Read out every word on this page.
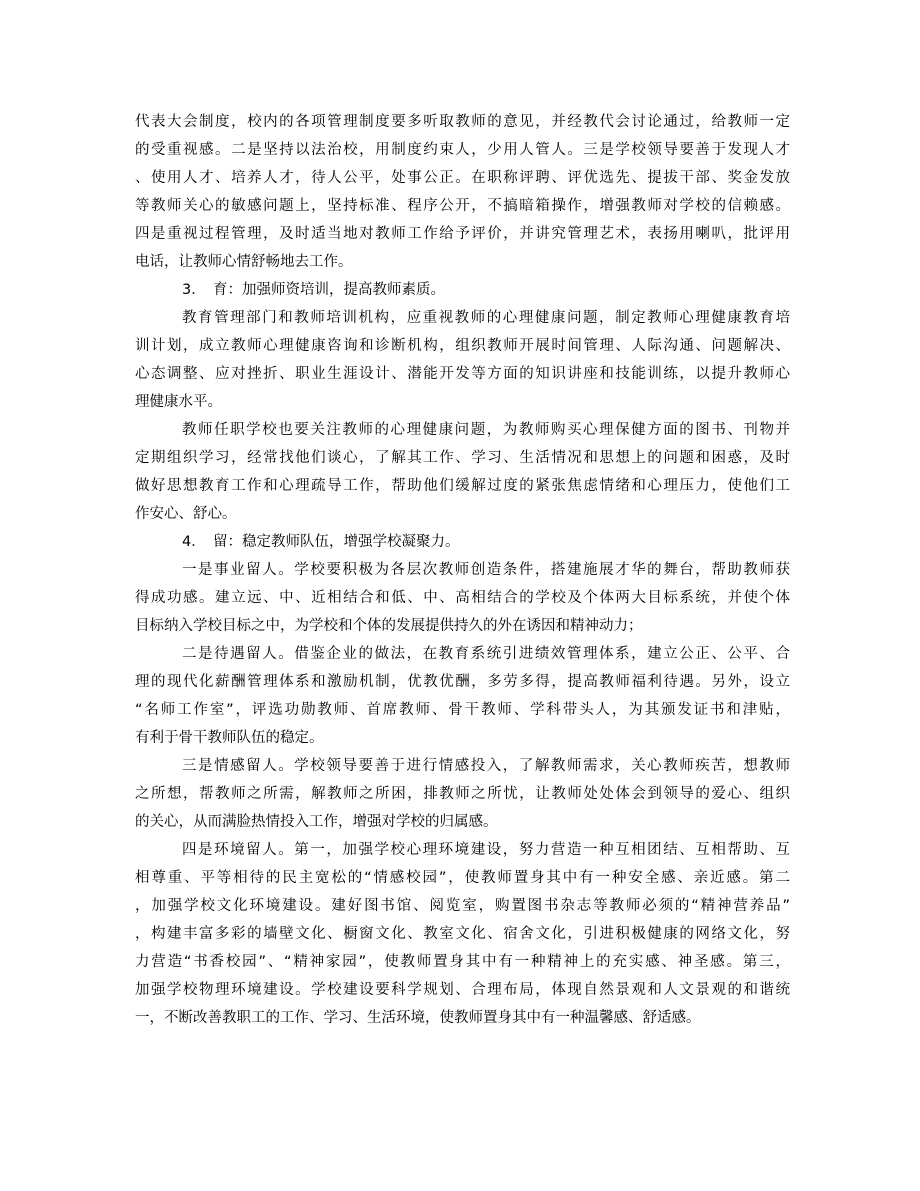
代表大会制度，校内的各项管理制度要多听取教师的意见，并经教代会讨论通过，给教师一定
的受重视感。二是坚持以法治校，用制度约束人，少用人管人。三是学校领导要善于发现人才
、使用人才、培养人才，待人公平，处事公正。在职称评聘、评优选先、提拔干部、奖金发放
等教师关心的敏感问题上，坚持标准、程序公开，不搞暗箱操作，增强教师对学校的信赖感。
四是重视过程管理，及时适当地对教师工作给予评价，并讲究管理艺术，表扬用喇叭，批评用
电话，让教师心情舒畅地去工作。
3．　育：加强师资培训，提高教师素质。
教育管理部门和教师培训机构，应重视教师的心理健康问题，制定教师心理健康教育培
训计划，成立教师心理健康咨询和诊断机构，组织教师开展时间管理、人际沟通、问题解决、
心态调整、应对挫折、职业生涯设计、潜能开发等方面的知识讲座和技能训练，以提升教师心
理健康水平。
教师任职学校也要关注教师的心理健康问题，为教师购买心理保健方面的图书、刊物并
定期组织学习，经常找他们谈心，了解其工作、学习、生活情况和思想上的问题和困惑，及时
做好思想教育工作和心理疏导工作，帮助他们缓解过度的紧张焦虑情绪和心理压力，使他们工
作安心、舒心。
4．　留：稳定教师队伍，增强学校凝聚力。
一是事业留人。学校要积极为各层次教师创造条件，搭建施展才华的舞台，帮助教师获
得成功感。建立远、中、近相结合和低、中、高相结合的学校及个体两大目标系统，并使个体
目标纳入学校目标之中，为学校和个体的发展提供持久的外在诱因和精神动力；
二是待遇留人。借鉴企业的做法，在教育系统引进绩效管理体系，建立公正、公平、合
理的现代化薪酬管理体系和激励机制，优教优酬，多劳多得，提高教师福利待遇。另外，设立
“名师工作室”，评选功勋教师、首席教师、骨干教师、学科带头人，为其颁发证书和津贴，
有利于骨干教师队伍的稳定。
三是情感留人。学校领导要善于进行情感投入，了解教师需求，关心教师疾苦，想教师
之所想，帮教师之所需，解教师之所困，排教师之所忧，让教师处处体会到领导的爱心、组织
的关心，从而满脸热情投入工作，增强对学校的归属感。
四是环境留人。第一，加强学校心理环境建设，努力营造一种互相团结、互相帮助、互
相尊重、平等相待的民主宽松的“情感校园”，使教师置身其中有一种安全感、亲近感。第二
，加强学校文化环境建设。建好图书馆、阅览室，购置图书杂志等教师必须的“精神营养品”
，构建丰富多彩的墙壁文化、橱窗文化、教室文化、宿舍文化，引进积极健康的网络文化，努
力营造“书香校园”、“精神家园”，使教师置身其中有一种精神上的充实感、神圣感。第三，
加强学校物理环境建设。学校建设要科学规划、合理布局，体现自然景观和人文景观的和谐统
一，不断改善教职工的工作、学习、生活环境，使教师置身其中有一种温馨感、舒适感。
